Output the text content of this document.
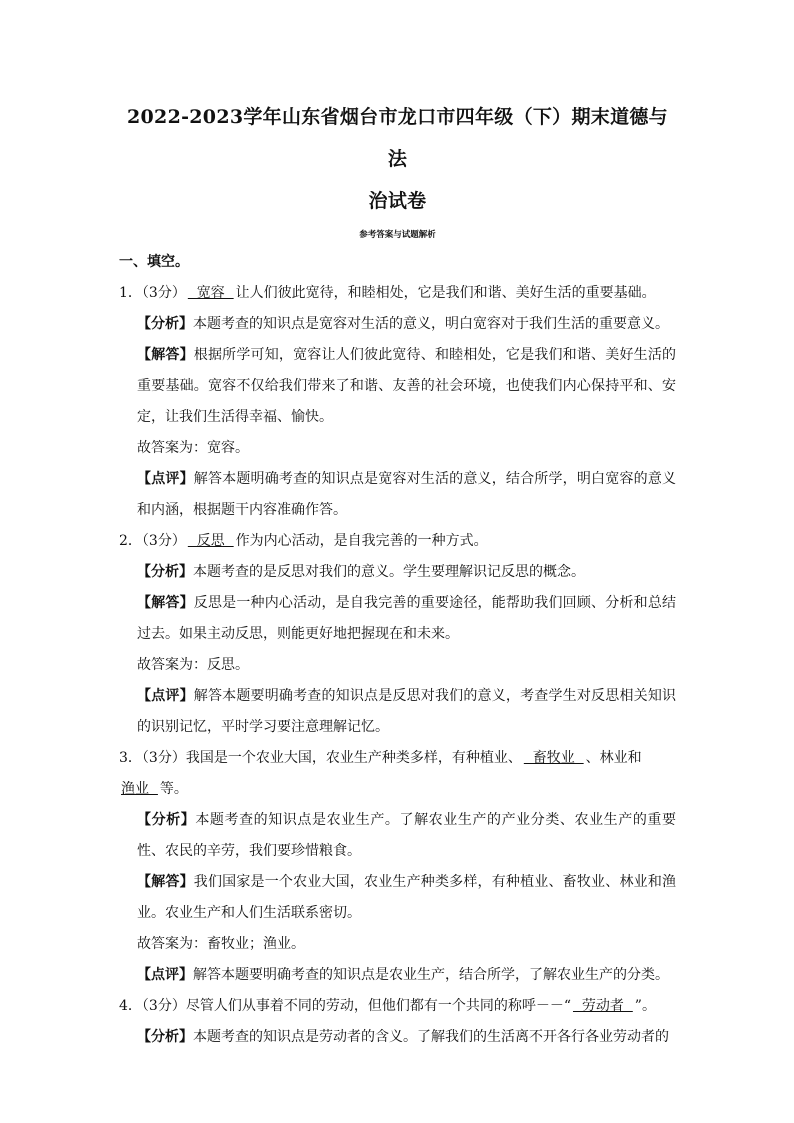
2022-2023学年山东省烟台市龙口市四年级（下）期末道德与法
治试卷
参考答案与试题解析
一、填空。
1．（3分）  宽容  让人们彼此宽待，和睦相处，它是我们和谐、美好生活的重要基础。
【分析】本题考查的知识点是宽容对生活的意义，明白宽容对于我们生活的重要意义。
【解答】根据所学可知，宽容让人们彼此宽待、和睦相处，它是我们和谐、美好生活的重要基础。宽容不仅给我们带来了和谐、友善的社会环境，也使我们内心保持平和、安定，让我们生活得幸福、愉快。
故答案为：宽容。
【点评】解答本题明确考查的知识点是宽容对生活的意义，结合所学，明白宽容的意义和内涵，根据题干内容准确作答。
2．（3分）  反思  作为内心活动，是自我完善的一种方式。
【分析】本题考查的是反思对我们的意义。学生要理解识记反思的概念。
【解答】反思是一种内心活动，是自我完善的重要途径，能帮助我们回顾、分析和总结过去。如果主动反思，则能更好地把握现在和未来。
故答案为：反思。
【点评】解答本题要明确考查的知识点是反思对我们的意义，考查学生对反思相关知识的识别记忆，平时学习要注意理解记忆。
3．（3分）我国是一个农业大国，农业生产种类多样，有种植业、  畜牧业  、林业和渔业  等。
【分析】本题考查的知识点是农业生产。了解农业生产的产业分类、农业生产的重要性、农民的辛劳，我们要珍惜粮食。
【解答】我们国家是一个农业大国，农业生产种类多样，有种植业、畜牧业、林业和渔业。农业生产和人们生活联系密切。
故答案为：畜牧业；渔业。
【点评】解答本题要明确考查的知识点是农业生产，结合所学，了解农业生产的分类。
4．（3分）尽管人们从事着不同的劳动，但他们都有一个共同的称呼－－“  劳动者  ”。
【分析】本题考查的知识点是劳动者的含义。了解我们的生活离不开各行各业劳动者的
